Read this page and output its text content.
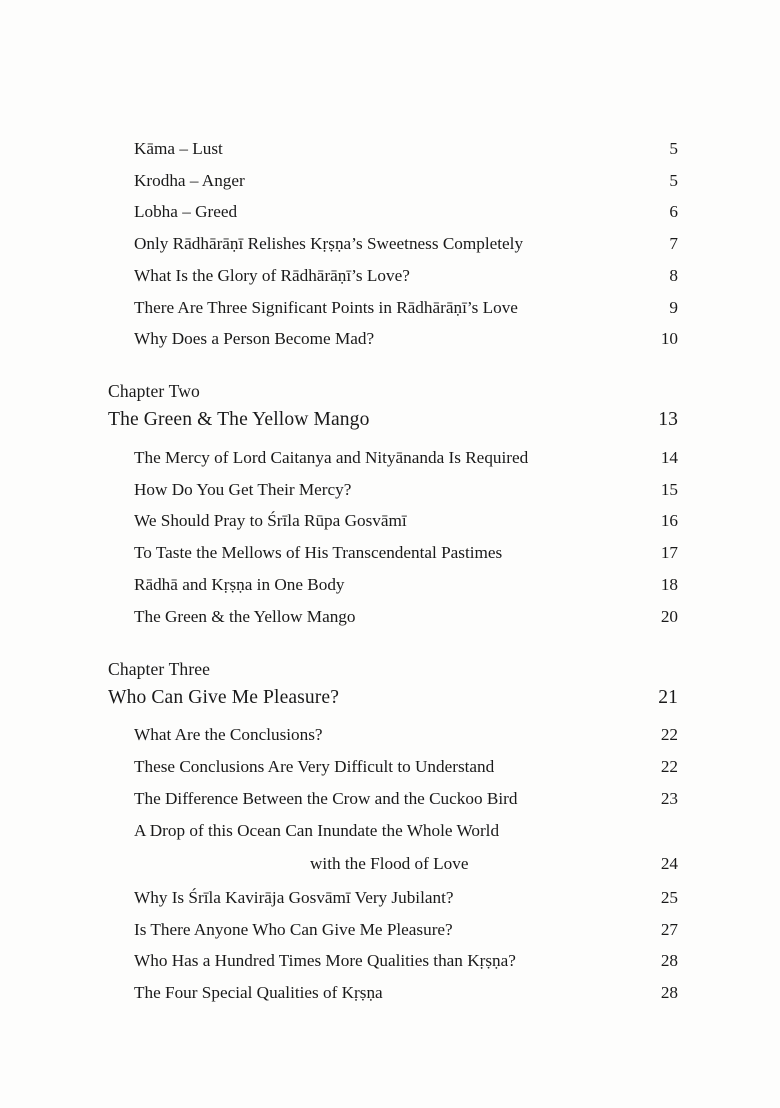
Kāma – Lust	5
Krodha – Anger	5
Lobha – Greed	6
Only Rādhārāṇī Relishes Kṛṣṇa’s Sweetness Completely	7
What Is the Glory of Rādhārāṇī’s Love?	8
There Are Three Significant Points in Rādhārāṇī’s Love	9
Why Does a Person Become Mad?	10
Chapter Two
The Green & The Yellow Mango	13
The Mercy of Lord Caitanya and Nityānanda Is Required	14
How Do You Get Their Mercy?	15
We Should Pray to Śrīla Rūpa Gosvāmī	16
To Taste the Mellows of His Transcendental Pastimes	17
Rādhā and Kṛṣṇa in One Body	18
The Green & the Yellow Mango	20
Chapter Three
Who Can Give Me Pleasure?	21
What Are the Conclusions?	22
These Conclusions Are Very Difficult to Understand	22
The Difference Between the Crow and the Cuckoo Bird	23
A Drop of this Ocean Can Inundate the Whole World
with the Flood of Love	24
Why Is Śrīla Kavirāja Gosvāmī Very Jubilant?	25
Is There Anyone Who Can Give Me Pleasure?	27
Who Has a Hundred Times More Qualities than Kṛṣṇa?	28
The Four Special Qualities of Kṛṣṇa	28
